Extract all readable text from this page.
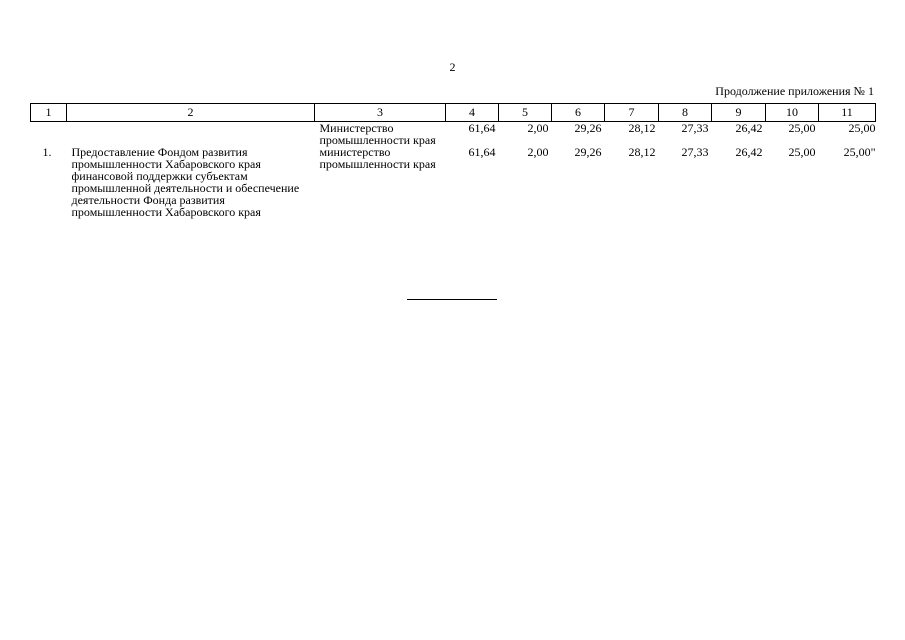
2
Продолжение приложения № 1
1	2	3	4	5	6	7	8	9	10	11
		Министерство промышленности края	61,64	2,00	29,26	28,12	27,33	26,42	25,00	25,00
1.	Предоставление Фондом развития промышленности Хабаровского края финансовой поддержки субъектам промышленной деятельности и обеспечение деятельности Фонда развития промышленности Хабаровского края	министерство промышленности края	61,64	2,00	29,26	28,12	27,33	26,42	25,00	25,00"
